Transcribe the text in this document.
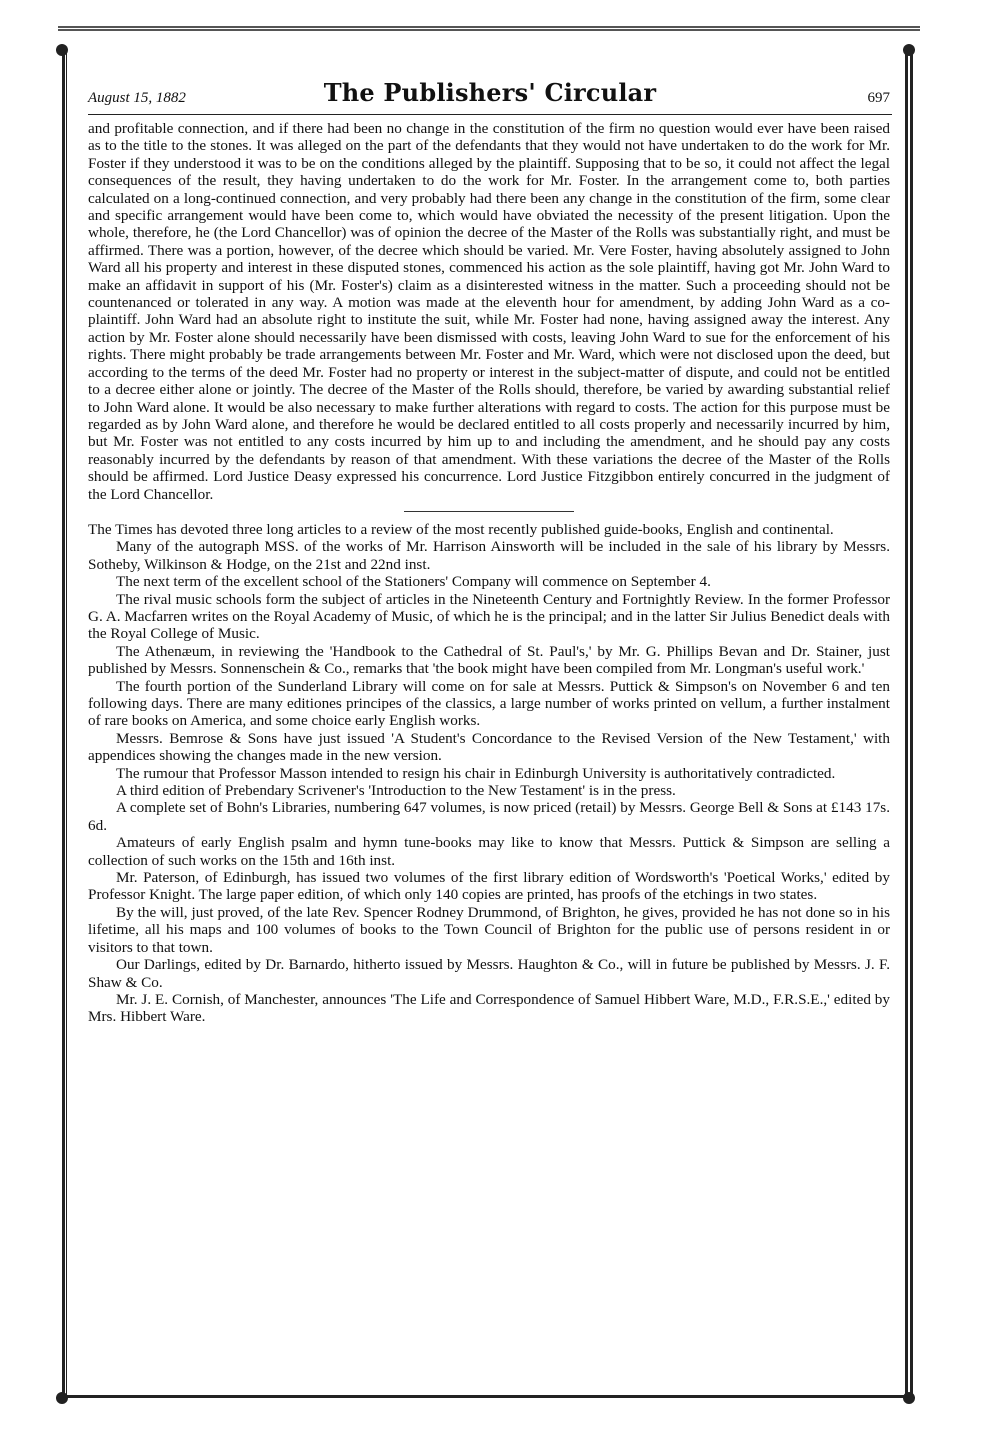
August 15, 1882	The Publishers' Circular	697

and profitable connection, and if there had been no change in the constitution of the firm no question would ever have been raised as to the title to the stones. It was alleged on the part of the defendants that they would not have undertaken to do the work for Mr. Foster if they understood it was to be on the conditions alleged by the plaintiff. Supposing that to be so, it could not affect the legal consequences of the result, they having undertaken to do the work for Mr. Foster. In the arrangement come to, both parties calculated on a long-continued connection, and very probably had there been any change in the constitution of the firm, some clear and specific arrangement would have been come to, which would have obviated the necessity of the present litigation. Upon the whole, therefore, he (the Lord Chancellor) was of opinion the decree of the Master of the Rolls was substantially right, and must be affirmed. There was a portion, however, of the decree which should be varied. Mr. Vere Foster, having absolutely assigned to John Ward all his property and interest in these disputed stones, commenced his action as the sole plaintiff, having got Mr. John Ward to make an affidavit in support of his (Mr. Foster's) claim as a disinterested witness in the matter. Such a proceeding should not be countenanced or tolerated in any way. A motion was made at the eleventh hour for amendment, by adding John Ward as a co-plaintiff. John Ward had an absolute right to institute the suit, while Mr. Foster had none, having assigned away the interest. Any action by Mr. Foster alone should necessarily have been dismissed with costs, leaving John Ward to sue for the enforcement of his rights. There might probably be trade arrangements between Mr. Foster and Mr. Ward, which were not disclosed upon the deed, but according to the terms of the deed Mr. Foster had no property or interest in the subject-matter of dispute, and could not be entitled to a decree either alone or jointly. The decree of the Master of the Rolls should, therefore, be varied by awarding substantial relief to John Ward alone. It would be also necessary to make further alterations with regard to costs. The action for this purpose must be regarded as by John Ward alone, and therefore he would be declared entitled to all costs properly and necessarily incurred by him, but Mr. Foster was not entitled to any costs incurred by him up to and including the amendment, and he should pay any costs reasonably incurred by the defendants by reason of that amendment. With these variations the decree of the Master of the Rolls should be affirmed. Lord Justice Deasy expressed his concurrence. Lord Justice Fitzgibbon entirely concurred in the judgment of the Lord Chancellor.

The Times has devoted three long articles to a review of the most recently published guide-books, English and continental.

Many of the autograph MSS. of the works of Mr. Harrison Ainsworth will be included in the sale of his library by Messrs. Sotheby, Wilkinson & Hodge, on the 21st and 22nd inst.

The next term of the excellent school of the Stationers' Company will commence on September 4.

The rival music schools form the subject of articles in the Nineteenth Century and Fortnightly Review. In the former Professor G. A. Macfarren writes on the Royal Academy of Music, of which he is the principal; and in the latter Sir Julius Benedict deals with the Royal College of Music.

The Athenæum, in reviewing the 'Handbook to the Cathedral of St. Paul's,' by Mr. G. Phillips Bevan and Dr. Stainer, just published by Messrs. Sonnenschein & Co., remarks that 'the book might have been compiled from Mr. Longman's useful work.'

The fourth portion of the Sunderland Library will come on for sale at Messrs. Puttick & Simpson's on November 6 and ten following days. There are many editiones principes of the classics, a large number of works printed on vellum, a further instalment of rare books on America, and some choice early English works.

Messrs. Bemrose & Sons have just issued 'A Student's Concordance to the Revised Version of the New Testament,' with appendices showing the changes made in the new version.

The rumour that Professor Masson intended to resign his chair in Edinburgh University is authoritatively contradicted.

A third edition of Prebendary Scrivener's 'Introduction to the New Testament' is in the press.

A complete set of Bohn's Libraries, numbering 647 volumes, is now priced (retail) by Messrs. George Bell & Sons at £143 17s. 6d.

Amateurs of early English psalm and hymn tune-books may like to know that Messrs. Puttick & Simpson are selling a collection of such works on the 15th and 16th inst.

Mr. Paterson, of Edinburgh, has issued two volumes of the first library edition of Wordsworth's 'Poetical Works,' edited by Professor Knight. The large paper edition, of which only 140 copies are printed, has proofs of the etchings in two states.

By the will, just proved, of the late Rev. Spencer Rodney Drummond, of Brighton, he gives, provided he has not done so in his lifetime, all his maps and 100 volumes of books to the Town Council of Brighton for the public use of persons resident in or visitors to that town.

Our Darlings, edited by Dr. Barnardo, hitherto issued by Messrs. Haughton & Co., will in future be published by Messrs. J. F. Shaw & Co.

Mr. J. E. Cornish, of Manchester, announces 'The Life and Correspondence of Samuel Hibbert Ware, M.D., F.R.S.E.,' edited by Mrs. Hibbert Ware.
